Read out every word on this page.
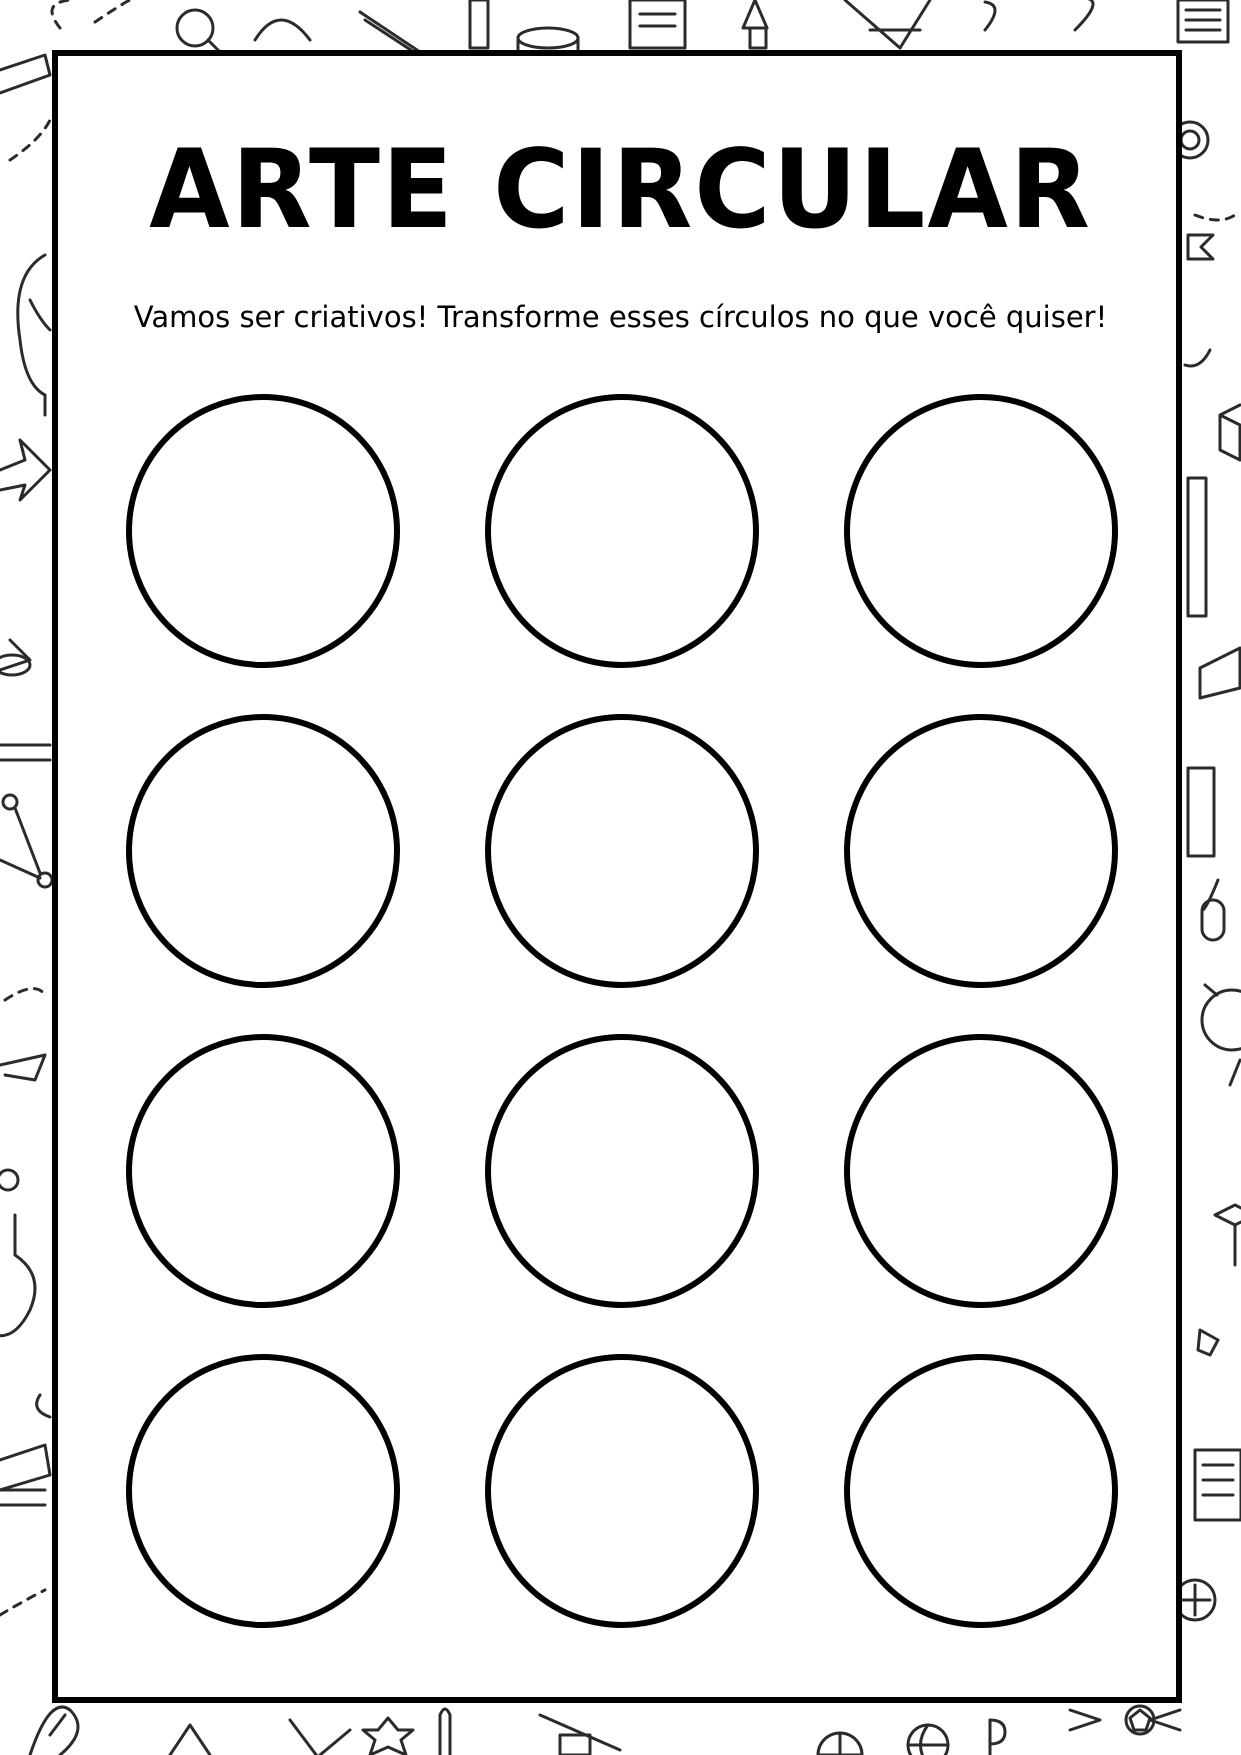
ARTE CIRCULAR

Vamos ser criativos! Transforme esses círculos no que você quiser!
